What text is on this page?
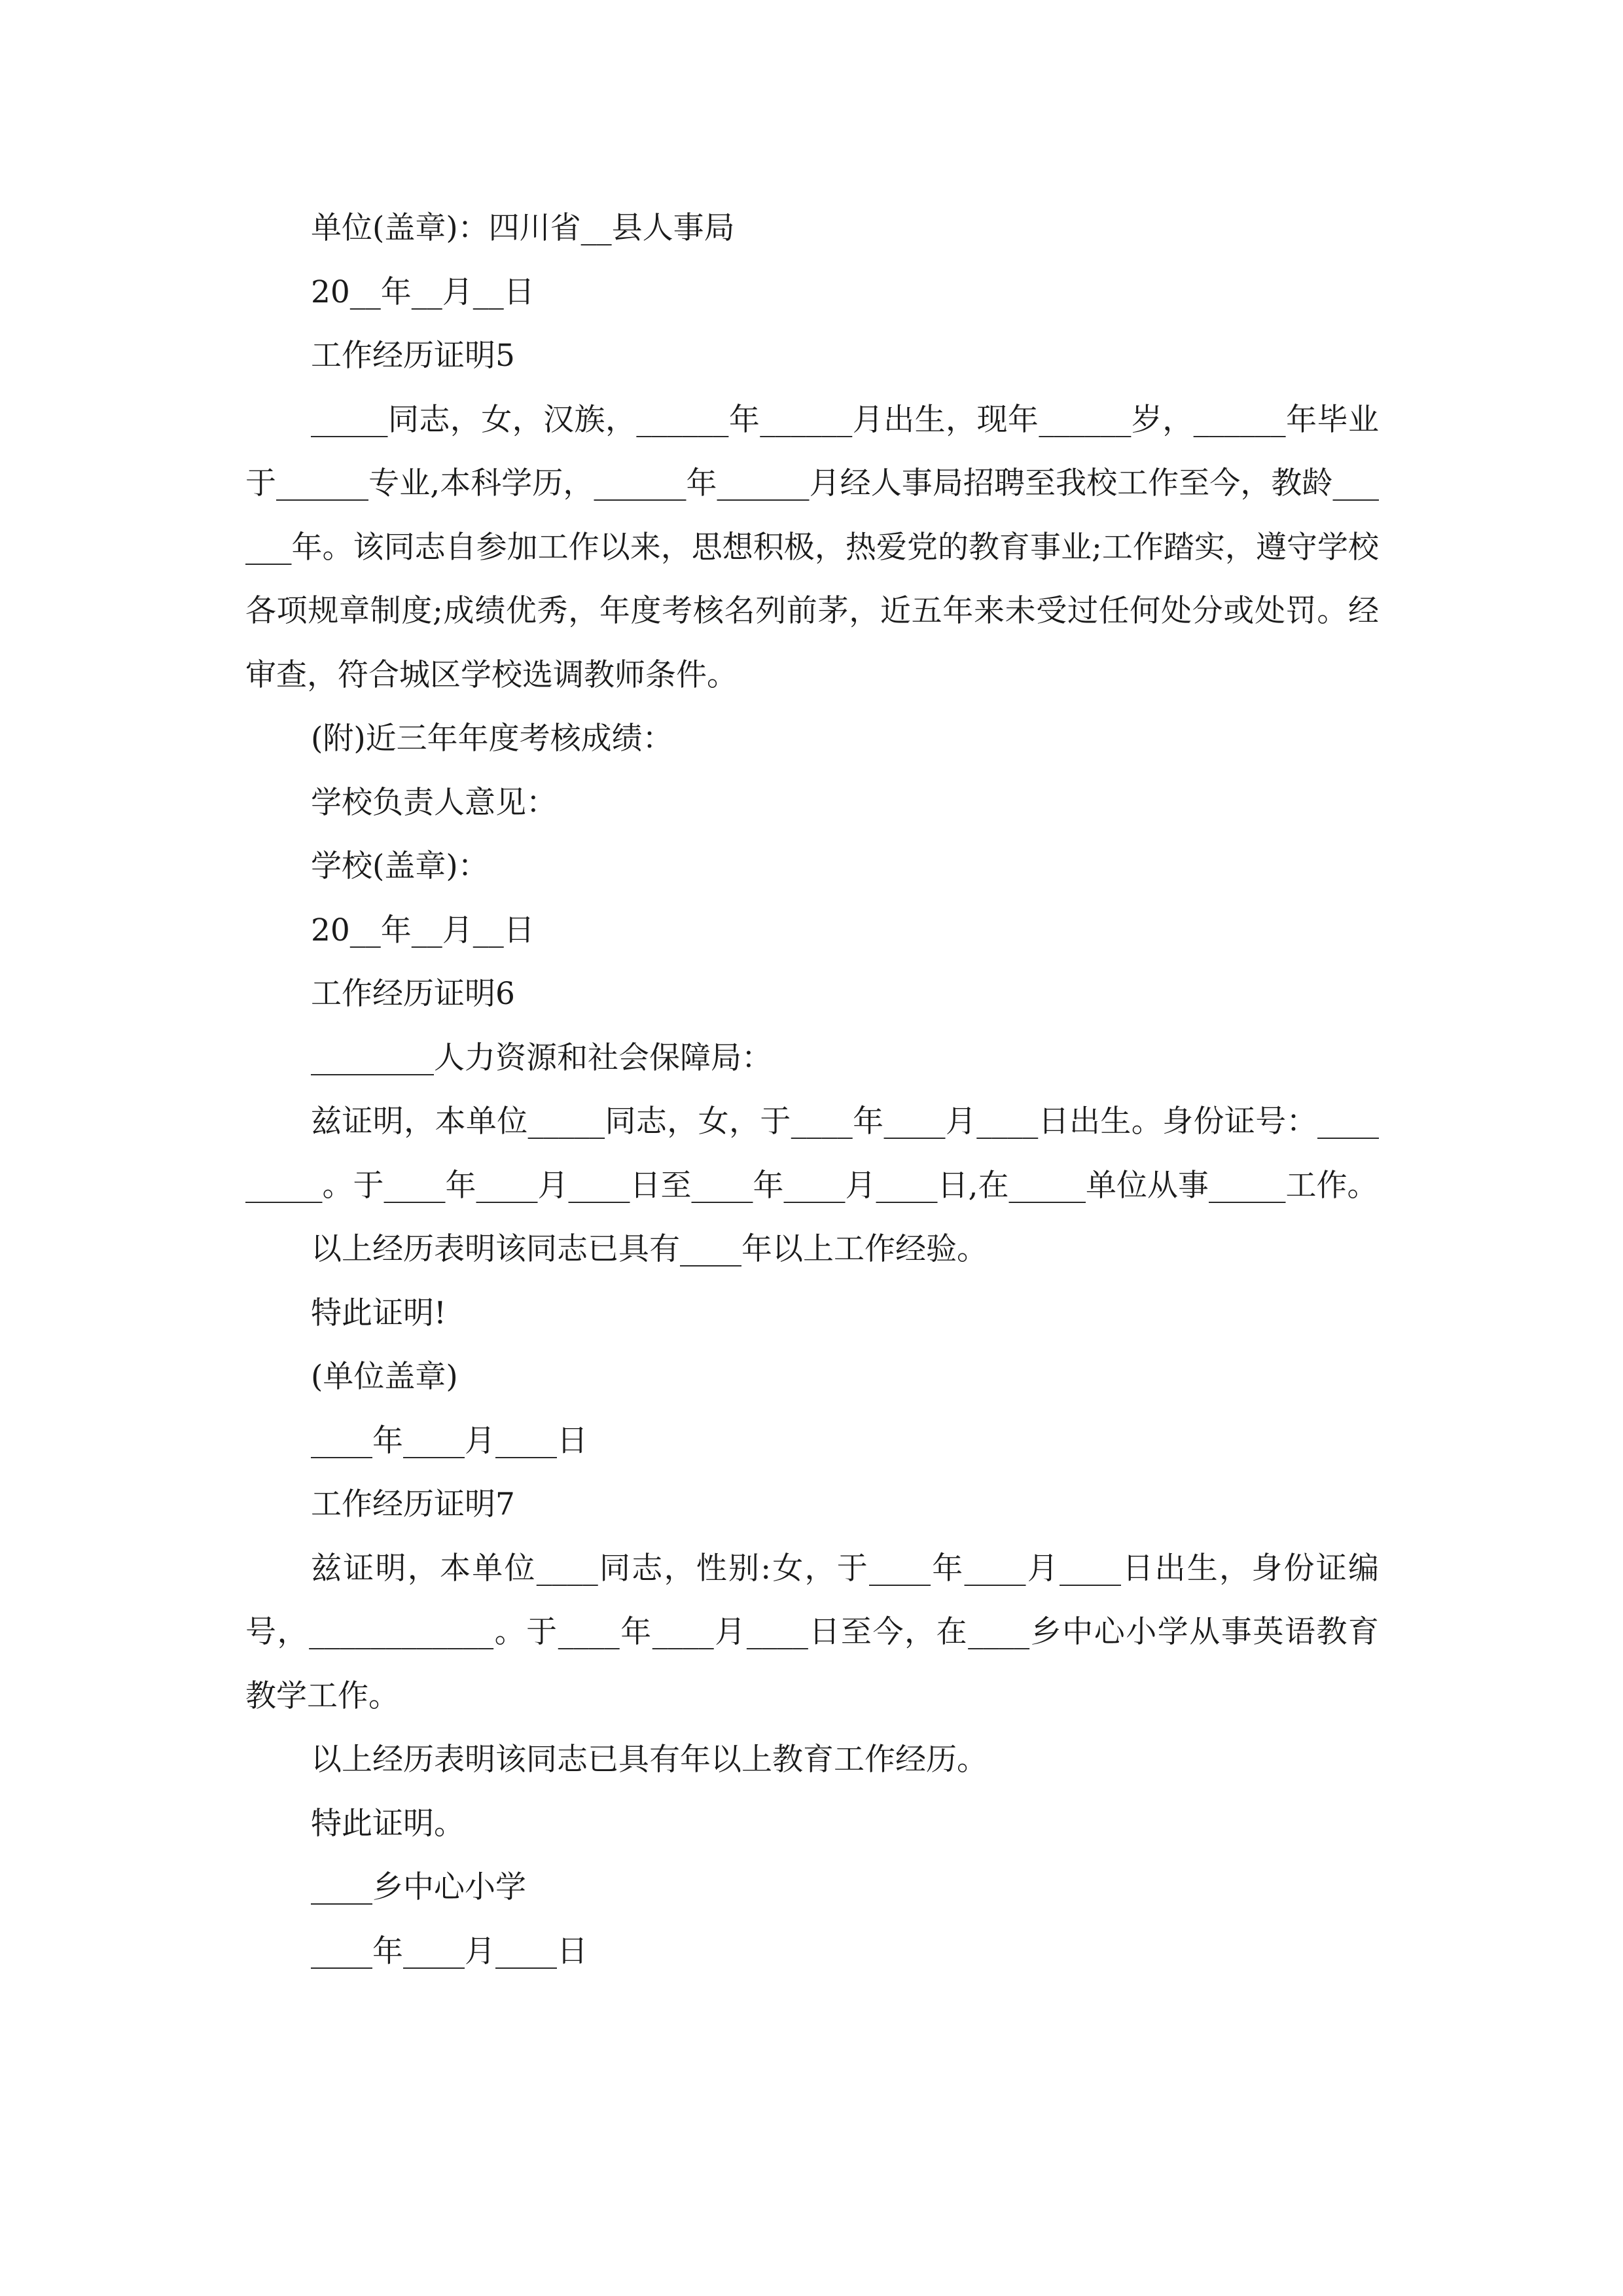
单位(盖章)：四川省__县人事局

20__年__月__日

工作经历证明5

_____同志，女，汉族，______年______月出生，现年______岁，______年毕业于______专业,本科学历，______年______月经人事局招聘至我校工作至今，教龄______年。该同志自参加工作以来，思想积极，热爱党的教育事业;工作踏实，遵守学校各项规章制度;成绩优秀，年度考核名列前茅，近五年来未受过任何处分或处罚。经审查，符合城区学校选调教师条件。

(附)近三年年度考核成绩：

学校负责人意见：

学校(盖章)：

20__年__月__日

工作经历证明6

________人力资源和社会保障局：

兹证明，本单位_____同志，女，于____年____月____日出生。身份证号：_________。于____年____月____日至____年____月____日,在_____单位从事_____工作。

以上经历表明该同志已具有____年以上工作经验。

特此证明!

(单位盖章)

____年____月____日

工作经历证明7

兹证明，本单位____同志，性别:女，于____年____月____日出生，身份证编号，____________。于____年____月____日至今，在____乡中心小学从事英语教育教学工作。

以上经历表明该同志已具有年以上教育工作经历。

特此证明。

____乡中心小学

____年____月____日
